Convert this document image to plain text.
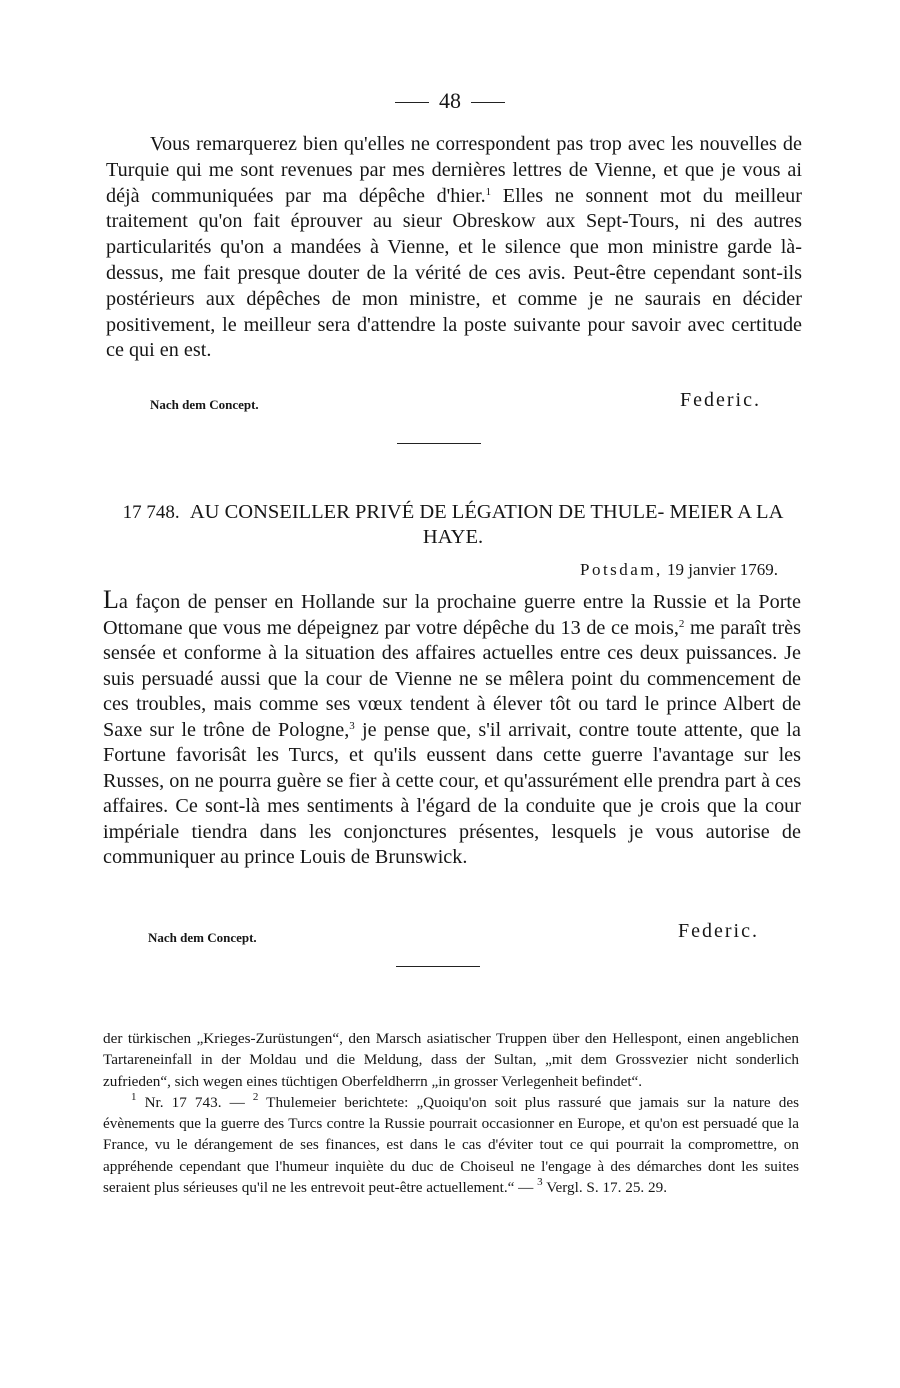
48

Vous remarquerez bien qu'elles ne correspondent pas trop avec les nouvelles de Turquie qui me sont revenues par mes dernières lettres de Vienne, et que je vous ai déjà communiquées par ma dépêche d'hier.$^1$ Elles ne sonnent mot du meilleur traitement qu'on fait éprouver au sieur Obreskow aux Sept-Tours, ni des autres particularités qu'on a mandées à Vienne, et le silence que mon ministre garde là-dessus, me fait presque douter de la vérité de ces avis. Peut-être cependant sont-ils postérieurs aux dépêches de mon ministre, et comme je ne saurais en décider positivement, le meilleur sera d'attendre la poste suivante pour savoir avec certitude ce qui en est.

Nach dem Concept.	Federic.
17 748. AU CONSEILLER PRIVÉ DE LÉGATION DE THULE- MEIER A LA HAYE.
Potsdam, 19 janvier 1769.

La façon de penser en Hollande sur la prochaine guerre entre la Russie et la Porte Ottomane que vous me dépeignez par votre dépêche du 13 de ce mois,$^2$ me paraît très sensée et conforme à la situation des affaires actuelles entre ces deux puissances. Je suis persuadé aussi que la cour de Vienne ne se mêlera point du commencement de ces troubles, mais comme ses vœux tendent à élever tôt ou tard le prince Albert de Saxe sur le trône de Pologne,$^3$ je pense que, s'il arrivait, contre toute attente, que la Fortune favorisât les Turcs, et qu'ils eussent dans cette guerre l'avantage sur les Russes, on ne pourra guère se fier à cette cour, et qu'assurément elle prendra part à ces affaires. Ce sont-là mes sentiments à l'égard de la conduite que je crois que la cour impériale tiendra dans les conjonctures présentes, lesquels je vous autorise de communiquer au prince Louis de Brunswick.

Nach dem Concept.	Federic.

der türkischen „Krieges-Zurüstungen“, den Marsch asiatischer Truppen über den Hellespont, einen angeblichen Tartareneinfall in der Moldau und die Meldung, dass der Sultan, „mit dem Grossvezier nicht sonderlich zufrieden“, sich wegen eines tüchtigen Oberfeldherrn „in grosser Verlegenheit befindet“.

$^1$ Nr. 17 743. — $^2$ Thulemeier berichtete: „Quoiqu'on soit plus rassuré que jamais sur la nature des évènements que la guerre des Turcs contre la Russie pourrait occasionner en Europe, et qu'on est persuadé que la France, vu le dérangement de ses finances, est dans le cas d'éviter tout ce qui pourrait la compromettre, on appréhende cependant que l'humeur inquiète du duc de Choiseul ne l'engage à des démarches dont les suites seraient plus sérieuses qu'il ne les entrevoit peut-être actuellement.“ — $^3$ Vergl. S. 17. 25. 29.
